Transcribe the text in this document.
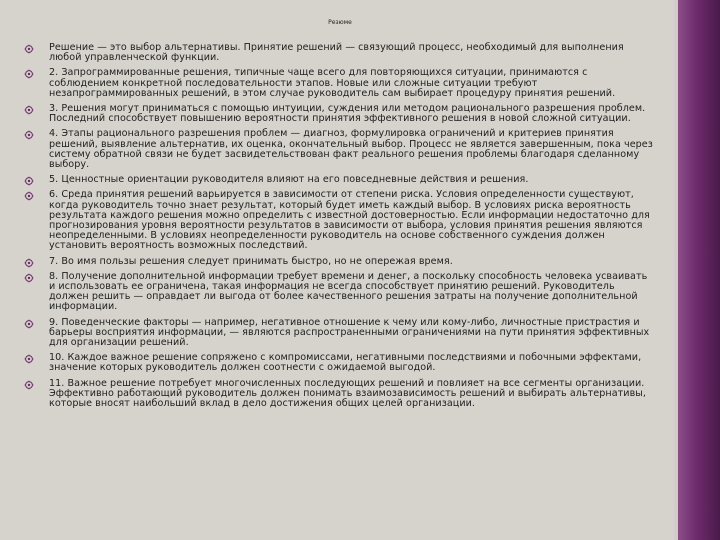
Резюме
Решение — это выбор альтернативы. Принятие решений — связующий процесс, необходимый для выполнения любой управленческой функции.
2. Запрограммированные решения, типичные чаще всего для повторяющихся ситуации, принимаются с соблюдением конкретной последовательности этапов. Новые или сложные ситуации требуют незапрограммированных решений, в этом случае руководитель сам выбирает процедуру принятия решений.
3. Решения могут приниматься с помощью интуиции, суждения или методом рационального разрешения проблем. Последний способствует повышению вероятности принятия эффективного решения в новой сложной ситуации.
4. Этапы рационального разрешения проблем — диагноз, формулировка ограничений и критериев принятия решений, выявление альтернатив, их оценка, окончательный выбор. Процесс не является завершенным, пока через систему обратной связи не будет засвидетельствован факт реального решения проблемы благодаря сделанному выбору.
5. Ценностные ориентации руководителя влияют на его повседневные действия и решения.
6. Среда принятия решений варьируется в зависимости от степени риска. Условия определенности существуют, когда руководитель точно знает результат, который будет иметь каждый выбор. В условиях риска вероятность результата каждого решения можно определить с известной достоверностью. Если информации недостаточно для прогнозирования уровня вероятности результатов в зависимости от выбора, условия принятия решения являются неопределенными. В условиях неопределенности руководитель на основе собственного суждения должен установить вероятность возможных последствий.
7. Во имя пользы решения следует принимать быстро, но не опережая время.
8. Получение дополнительной информации требует времени и денег, а поскольку способность человека усваивать и использовать ее ограничена, такая информация не всегда способствует принятию решений. Руководитель должен решить — оправдает ли выгода от более качественного решения затраты на получение дополнительной информации.
9. Поведенческие факторы — например, негативное отношение к чему или кому-либо, личностные пристрастия и барьеры восприятия информации, — являются распространенными ограничениями на пути принятия эффективных для организации решений.
10. Каждое важное решение сопряжено с компромиссами, негативными последствиями и побочными эффектами, значение которых руководитель должен соотнести с ожидаемой выгодой.
11. Важное решение потребует многочисленных последующих решений и повлияет на все сегменты организации. Эффективно работающий руководитель должен понимать взаимозависимость решений и выбирать альтернативы, которые вносят наибольший вклад в дело достижения общих целей организации.
